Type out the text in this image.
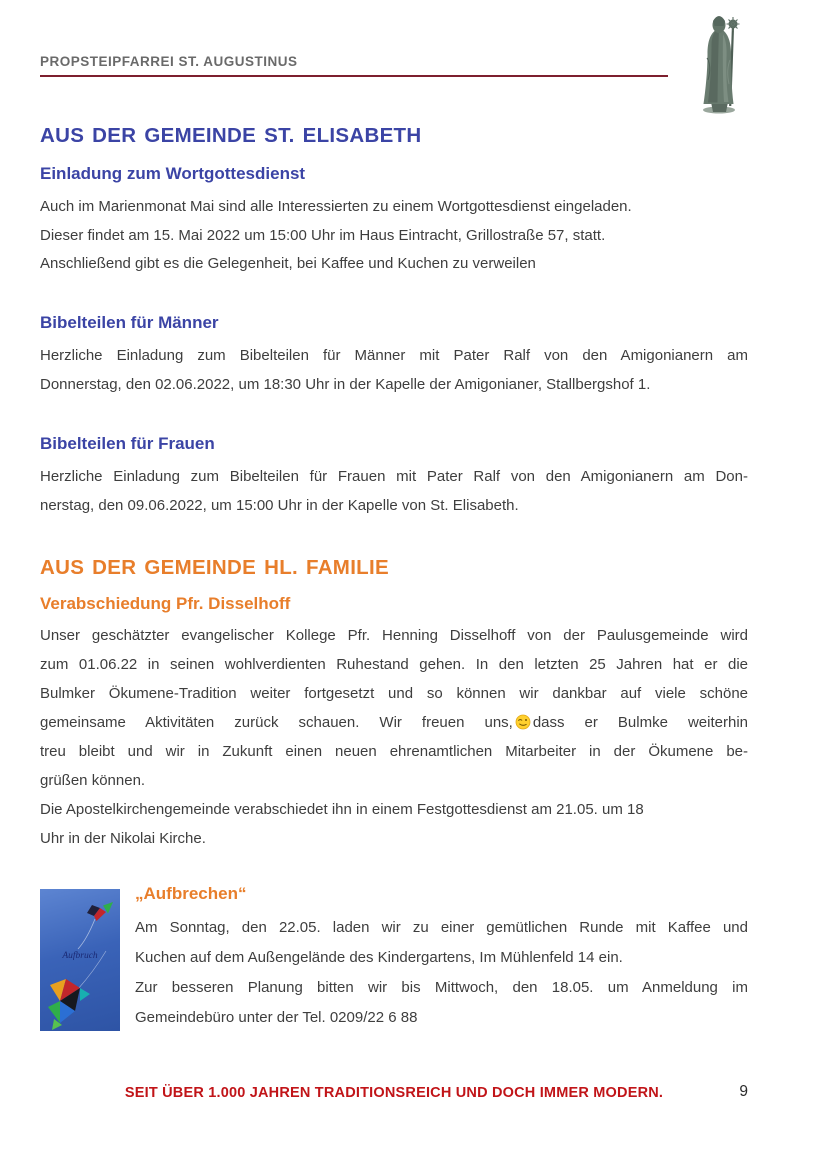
PROPSTEIPFARREI ST. AUGUSTINUS
AUS DER GEMEINDE ST. ELISABETH
Einladung zum Wortgottesdienst
Auch im Marienmonat Mai sind alle Interessierten zu einem Wortgottesdienst eingeladen.
Dieser findet am 15. Mai 2022 um 15:00 Uhr im Haus Eintracht, Grillostraße 57, statt.
Anschließend gibt es die Gelegenheit, bei Kaffee und Kuchen zu verweilen
Bibelteilen für Männer
Herzliche Einladung zum Bibelteilen für Männer mit Pater Ralf von den Amigonianern am
Donnerstag, den 02.06.2022, um 18:30 Uhr in der Kapelle der Amigonianer, Stallbergshof 1.
Bibelteilen für Frauen
Herzliche Einladung zum Bibelteilen für Frauen mit Pater Ralf von den Amigonianern am Don-
nerstag, den 09.06.2022, um 15:00 Uhr in der Kapelle von St. Elisabeth.
AUS DER GEMEINDE HL. FAMILIE
Verabschiedung Pfr. Disselhoff
Unser geschätzter evangelischer Kollege Pfr. Henning Disselhoff von der Paulusgemeinde wird
zum 01.06.22 in seinen wohlverdienten Ruhestand gehen. In den letzten 25 Jahren hat er die
Bulmker Ökumene-Tradition weiter fortgesetzt und so können wir dankbar auf viele schöne
gemeinsame Aktivitäten zurück schauen. Wir freuen uns, dass er Bulmke weiterhin
treu bleibt und wir in Zukunft einen neuen ehrenamtlichen Mitarbeiter in der Ökumene be-
grüßen können.
Die Apostelkirchengemeinde verabschiedet ihn in einem Festgottesdienst am 21.05. um 18
Uhr in der Nikolai Kirche.
Aufbruch
„Aufbrechen“
Am Sonntag, den 22.05. laden wir zu einer gemütlichen Runde mit Kaffee und
Kuchen auf dem Außengelände des Kindergartens, Im Mühlenfeld 14 ein.
Zur besseren Planung bitten wir bis Mittwoch, den 18.05. um Anmeldung im
Gemeindebüro unter der Tel. 0209/22 6 88
SEIT ÜBER 1.000 JAHREN TRADITIONSREICH UND DOCH IMMER MODERN.	9
